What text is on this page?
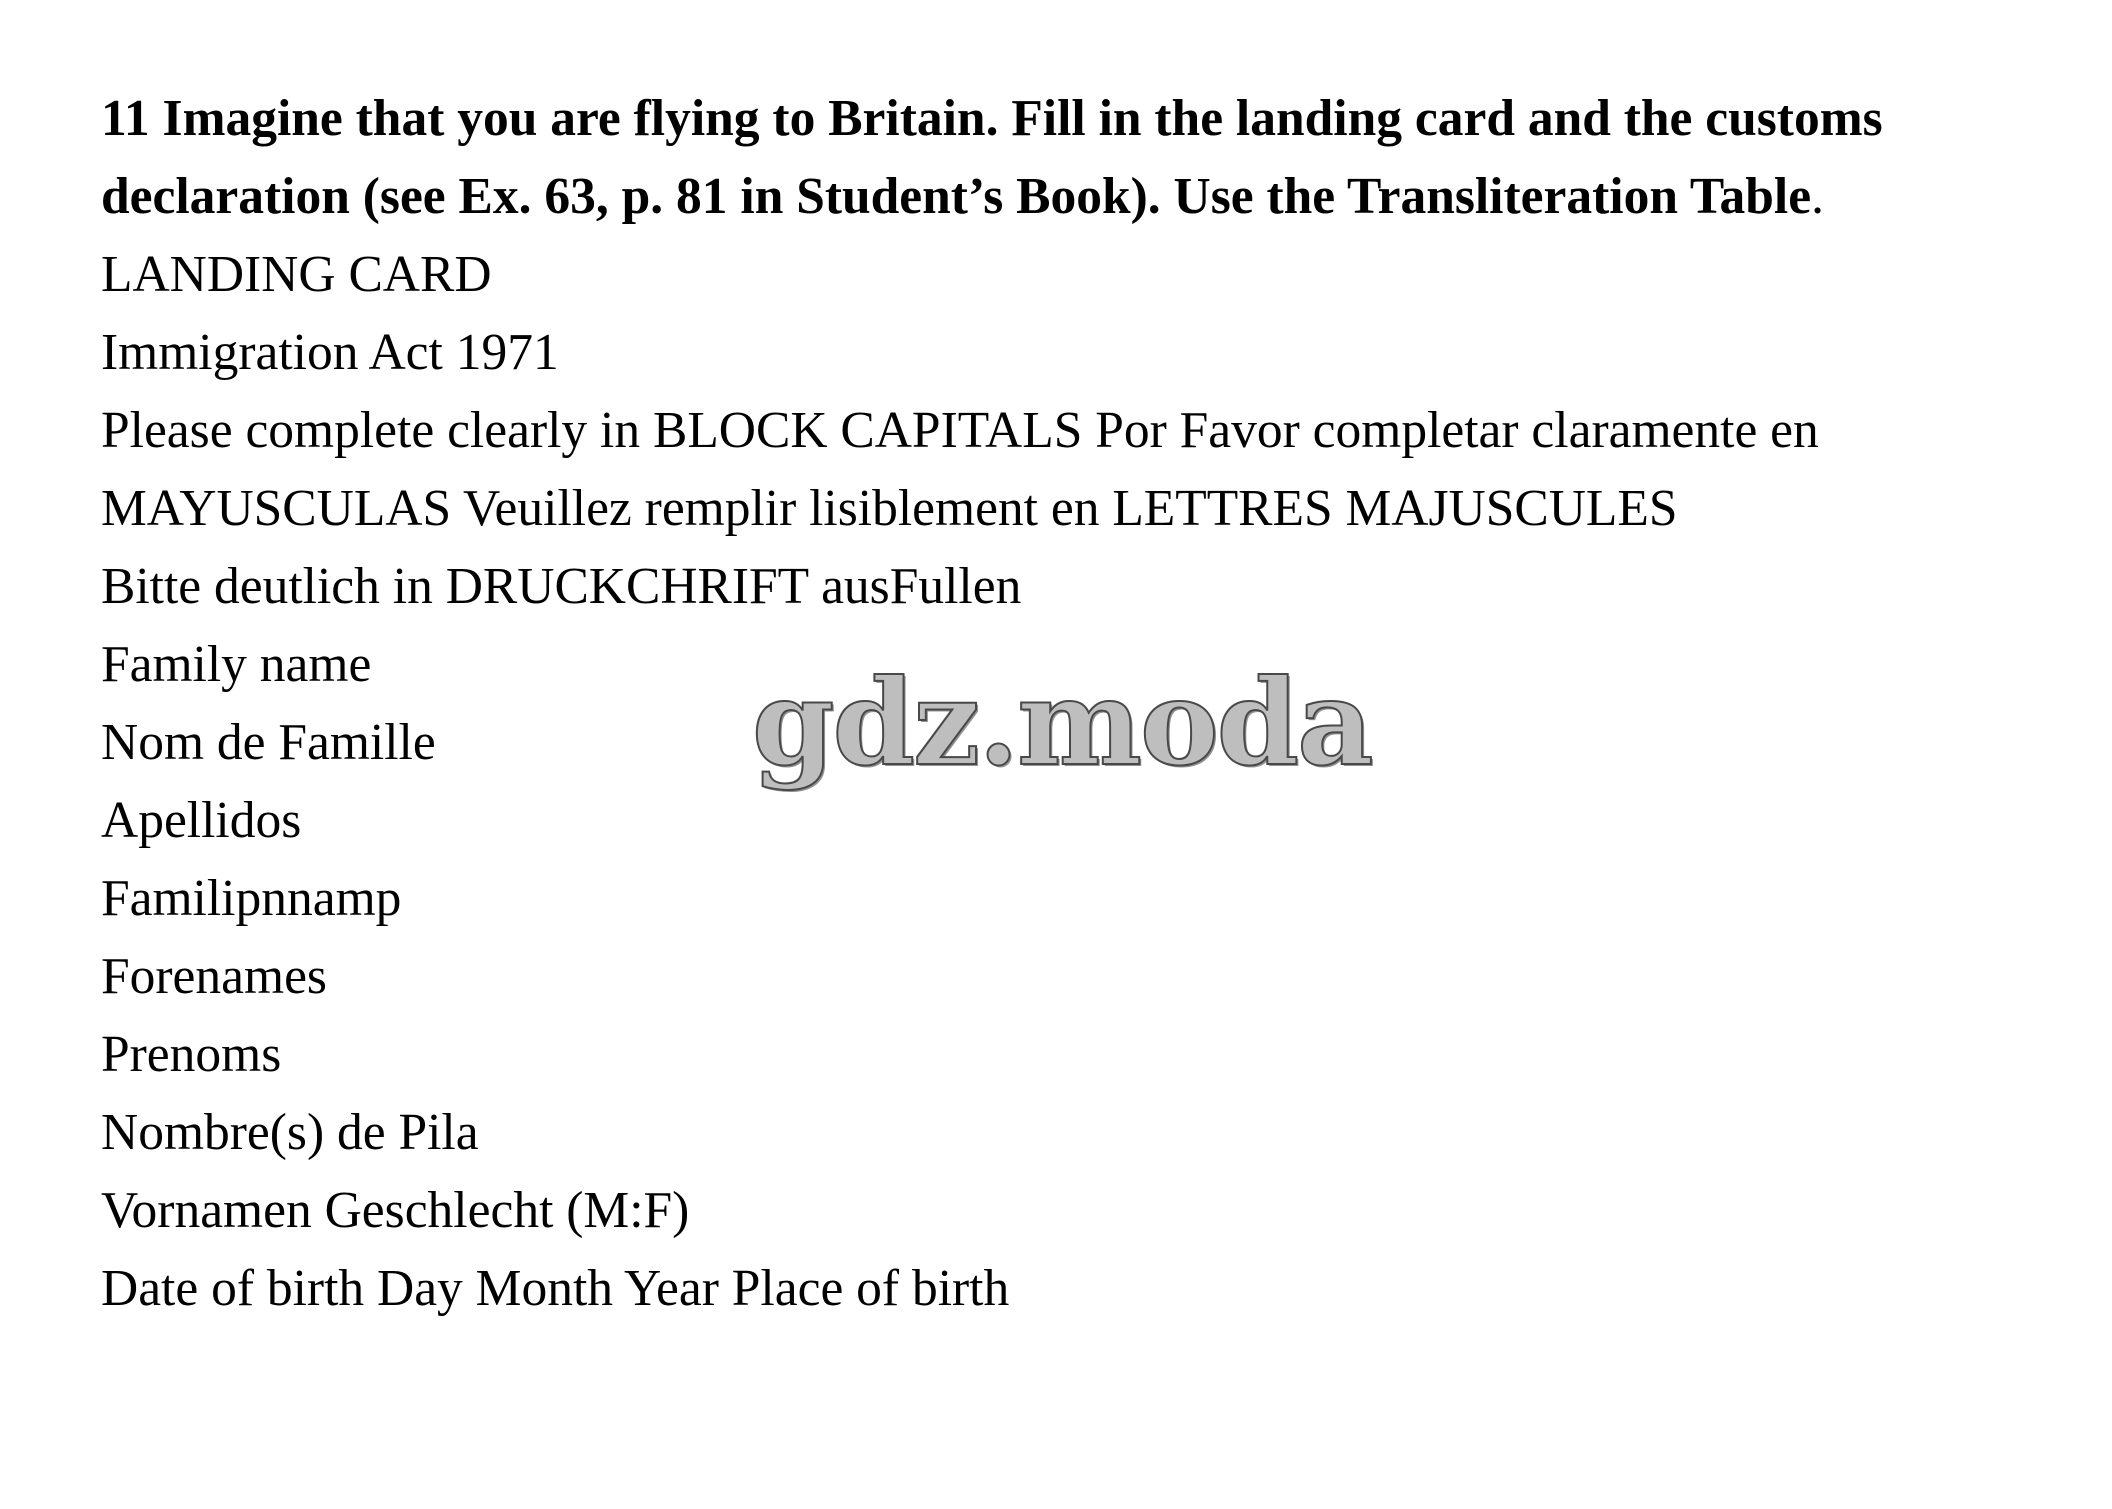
11 Imagine that you are flying to Britain. Fill in the landing card and the customs declaration (see Ex. 63, p. 81 in Student’s Book). Use the Transliteration Table.

LANDING CARD
Immigration Act 1971
Please complete clearly in BLOCK CAPITALS Por Favor completar claramente en MAYUSCULAS Veuillez remplir lisiblement en LETTRES MAJUSCULES
Bitte deutlich in DRUCKCHRIFT ausFullen
Family name
Nom de Famille
Apellidos
Familipnnamp
Forenames
Prenoms
Nombre(s) de Pila
Vornamen Geschlecht (M:F)
Date of birth Day Month Year Place of birth
gdz.moda
